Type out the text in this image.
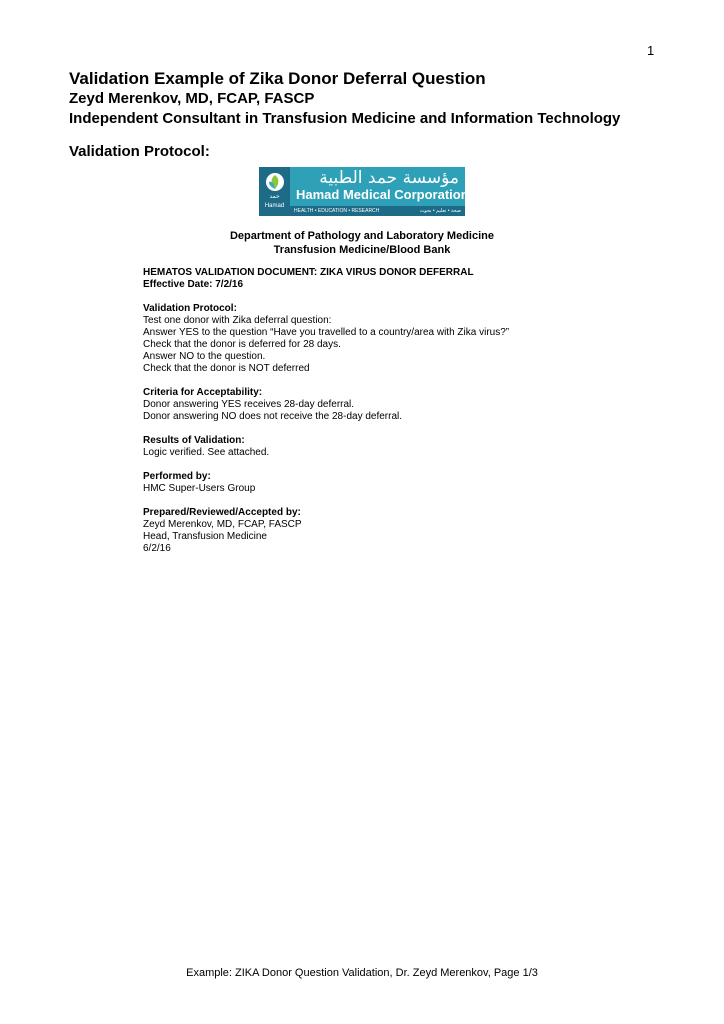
1

Validation Example of Zika Donor Deferral Question

Zeyd Merenkov, MD, FCAP, FASCP

Independent Consultant in Transfusion Medicine and Information Technology

Validation Protocol:
حمد
Hamad
مؤسسة حمد الطبية
Hamad Medical Corporation
HEALTH • EDUCATION • RESEARCH	صحة • تعليم • بحوث
Department of Pathology and Laboratory Medicine
Transfusion Medicine/Blood Bank

HEMATOS VALIDATION DOCUMENT: ZIKA VIRUS DONOR DEFERRAL

Effective Date: 7/2/16

Validation Protocol:

Test one donor with Zika deferral question:

Answer YES to the question “Have you travelled to a country/area with Zika virus?”

Check that the donor is deferred for 28 days.

Answer NO to the question.

Check that the donor is NOT deferred

Criteria for Acceptability:

Donor answering YES receives 28-day deferral.

Donor answering NO does not receive the 28-day deferral.

Results of Validation:

Logic verified. See attached.

Performed by:

HMC Super-Users Group

Prepared/Reviewed/Accepted by:

Zeyd Merenkov, MD, FCAP, FASCP

Head, Transfusion Medicine

6/2/16

Example: ZIKA Donor Question Validation, Dr. Zeyd Merenkov, Page 1/3
